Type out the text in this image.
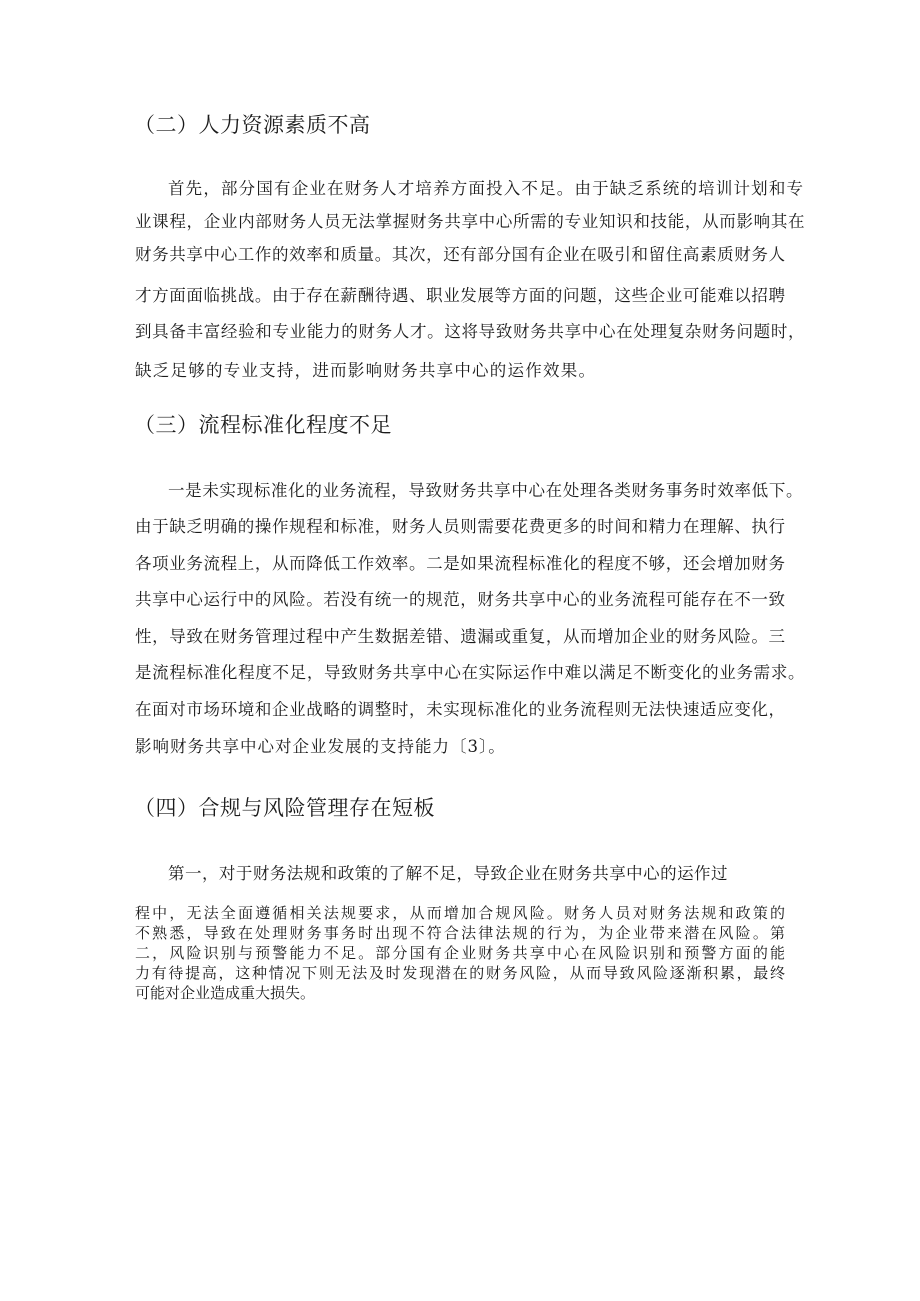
（二）人力资源素质不高
首先，部分国有企业在财务人才培养方面投入不足。由于缺乏系统的培训计划和专
业课程，企业内部财务人员无法掌握财务共享中心所需的专业知识和技能，从而影响其在
财务共享中心工作的效率和质量。其次，还有部分国有企业在吸引和留住高素质财务人
才方面面临挑战。由于存在薪酬待遇、职业发展等方面的问题，这些企业可能难以招聘
到具备丰富经验和专业能力的财务人才。这将导致财务共享中心在处理复杂财务问题时，
缺乏足够的专业支持，进而影响财务共享中心的运作效果。
（三）流程标准化程度不足
一是未实现标准化的业务流程，导致财务共享中心在处理各类财务事务时效率低下。
由于缺乏明确的操作规程和标准，财务人员则需要花费更多的时间和精力在理解、执行
各项业务流程上，从而降低工作效率。二是如果流程标准化的程度不够，还会增加财务
共享中心运行中的风险。若没有统一的规范，财务共享中心的业务流程可能存在不一致
性，导致在财务管理过程中产生数据差错、遗漏或重复，从而增加企业的财务风险。三
是流程标准化程度不足，导致财务共享中心在实际运作中难以满足不断变化的业务需求。
在面对市场环境和企业战略的调整时，未实现标准化的业务流程则无法快速适应变化，
影响财务共享中心对企业发展的支持能力〔3〕。
（四）合规与风险管理存在短板
第一，对于财务法规和政策的了解不足，导致企业在财务共享中心的运作过
程中，无法全面遵循相关法规要求，从而增加合规风险。财务人员对财务法规和政策的
不熟悉，导致在处理财务事务时出现不符合法律法规的行为，为企业带来潜在风险。第
二，风险识别与预警能力不足。部分国有企业财务共享中心在风险识别和预警方面的能
力有待提高，这种情况下则无法及时发现潜在的财务风险，从而导致风险逐渐积累，最终
可能对企业造成重大损失。
